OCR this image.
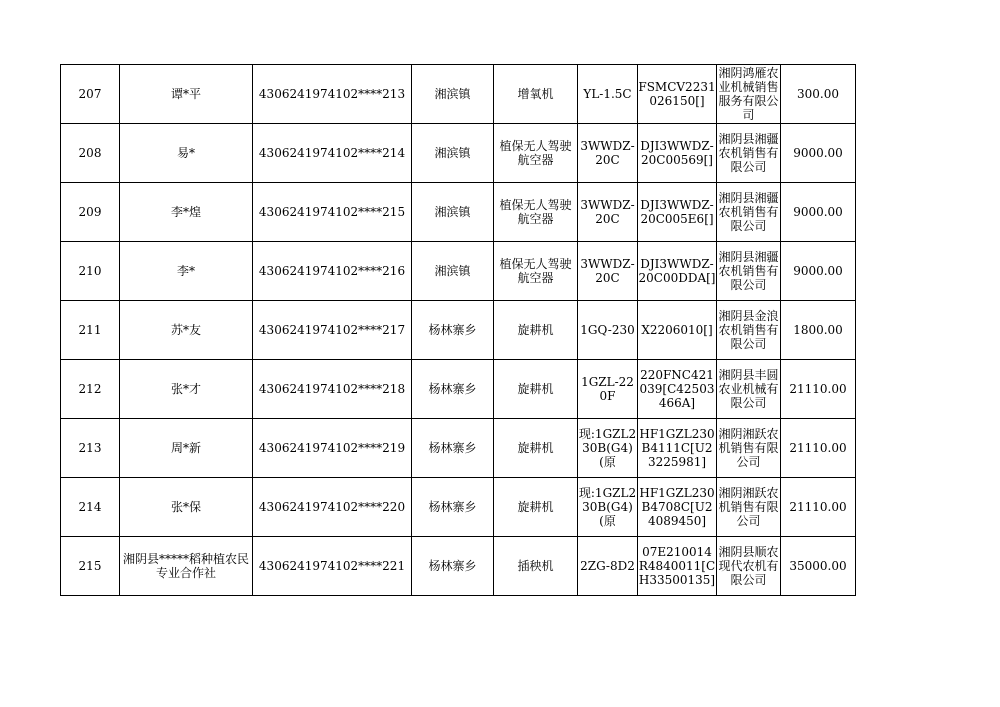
207	谭*平	4306241974102****213	湘滨镇	增氧机	YL-1.5C	FSMCV2231026150[]	湘阴鸿雁农业机械销售服务有限公司	300.00

208	易*	4306241974102****214	湘滨镇	植保无人驾驶航空器	3WWDZ-20C	DJI3WWDZ-20C00569[]	湘阴县湘疆农机销售有限公司	9000.00

209	李*煌	4306241974102****215	湘滨镇	植保无人驾驶航空器	3WWDZ-20C	DJI3WWDZ-20C005E6[]	湘阴县湘疆农机销售有限公司	9000.00

210	李*	4306241974102****216	湘滨镇	植保无人驾驶航空器	3WWDZ-20C	DJI3WWDZ-20C00DDA[]	湘阴县湘疆农机销售有限公司	9000.00

211	苏*友	4306241974102****217	杨林寨乡	旋耕机	1GQ-230	X2206010[]	湘阴县金浪农机销售有限公司	1800.00

212	张*才	4306241974102****218	杨林寨乡	旋耕机	1GZL-220F	220FNC421039[C42503466A]	湘阴县丰圆农业机械有限公司	21110.00

213	周*新	4306241974102****219	杨林寨乡	旋耕机	现:1GZL230B(G4)(原	HF1GZL230B4111C[U23225981]	湘阴湘跃农机销售有限公司	21110.00

214	张*保	4306241974102****220	杨林寨乡	旋耕机	现:1GZL230B(G4)(原	HF1GZL230B4708C[U24089450]	湘阴湘跃农机销售有限公司	21110.00

215	湘阴县*****稻种植农民专业合作社	4306241974102****221	杨林寨乡	插秧机	2ZG-8D2	07E210014R4840011[CH33500135]	湘阴县顺农现代农机有限公司	35000.00
